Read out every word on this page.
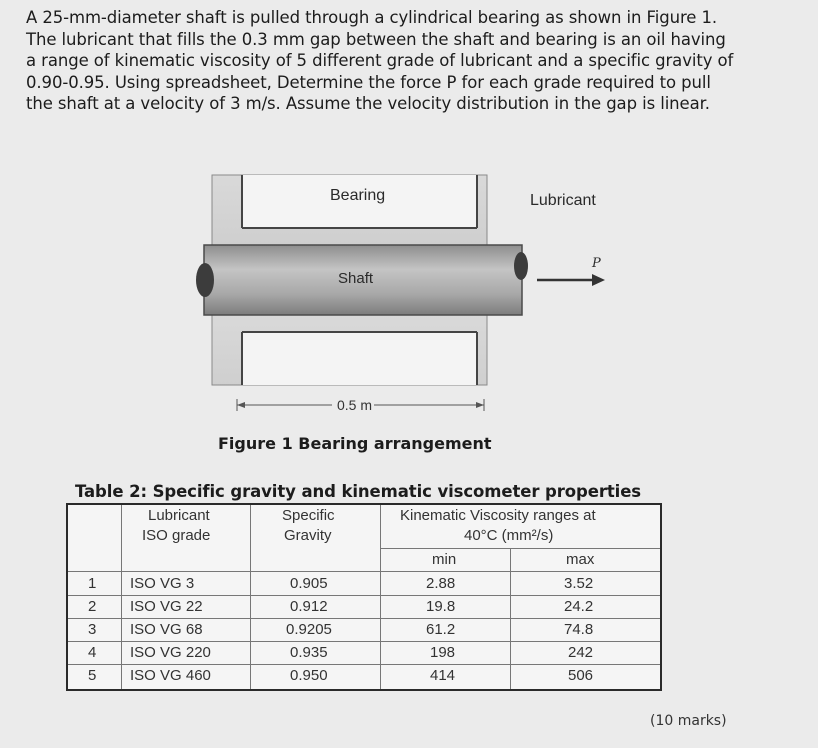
A 25-mm-diameter shaft is pulled through a cylindrical bearing as shown in Figure 1.

The lubricant that fills the 0.3 mm gap between the shaft and bearing is an oil having

a range of kinematic viscosity of 5 different grade of lubricant and a specific gravity of

0.90-0.95. Using spreadsheet, Determine the force P for each grade required to pull

the shaft at a velocity of 3 m/s. Assume the velocity distribution in the gap is linear.

Bearing	Lubricant
Shaft
P
0.5 m
Figure 1 Bearing arrangement
Table 2: Specific gravity and kinematic viscometer properties
Lubricant
ISO grade
Specific
Gravity
Kinematic Viscosity ranges at
40°C (mm²/s)
min	max
1 ISO VG 3	0.905	2.88	3.52
2 ISO VG 22	0.912	19.8	24.2
3 ISO VG 68	0.9205	61.2	74.8
4 ISO VG 220	0.935	198	242
5 ISO VG 460	0.950	414	506
(10 marks)
